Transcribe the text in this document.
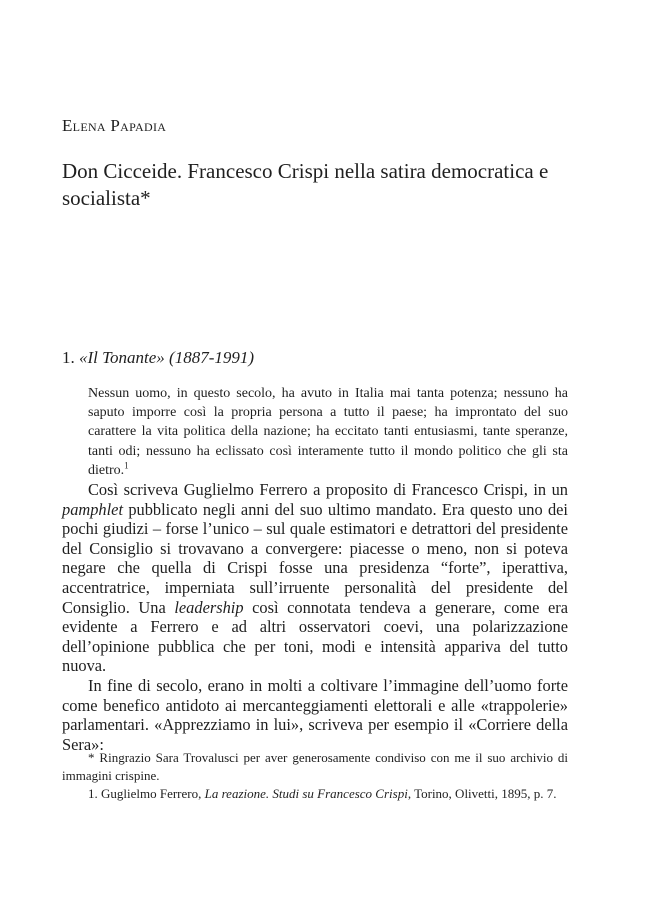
Elena Papadia
Don Cicceide. Francesco Crispi nella satira democratica e socialista*
1. «Il Tonante» (1887-1991)
Nessun uomo, in questo secolo, ha avuto in Italia mai tanta potenza; nessuno ha saputo imporre così la propria persona a tutto il paese; ha improntato del suo carattere la vita politica della nazione; ha eccitato tanti entusiasmi, tante speranze, tanti odi; nessuno ha eclissato così interamente tutto il mondo politico che gli sta dietro.$^1$

Così scriveva Guglielmo Ferrero a proposito di Francesco Crispi, in un pamphlet pubblicato negli anni del suo ultimo mandato. Era questo uno dei pochi giudizi – forse l’unico – sul quale estimatori e detrattori del presidente del Consiglio si trovavano a convergere: piacesse o meno, non si poteva negare che quella di Crispi fosse una presidenza “forte”, iperattiva, accentratrice, imperniata sull’irruente personalità del presidente del Consiglio. Una leadership così connotata tendeva a generare, come era evidente a Ferrero e ad altri osservatori coevi, una polarizzazione dell’opinione pubblica che per toni, modi e intensità appariva del tutto nuova.

In fine di secolo, erano in molti a coltivare l’immagine dell’uomo forte come benefico antidoto ai mercanteggiamenti elettorali e alle «trappolerie» parlamentari. «Apprezziamo in lui», scriveva per esempio il «Corriere della Sera»:

* Ringrazio Sara Trovalusci per aver generosamente condiviso con me il suo archivio di immagini crispine.

1. Guglielmo Ferrero, La reazione. Studi su Francesco Crispi, Torino, Olivetti, 1895, p. 7.
